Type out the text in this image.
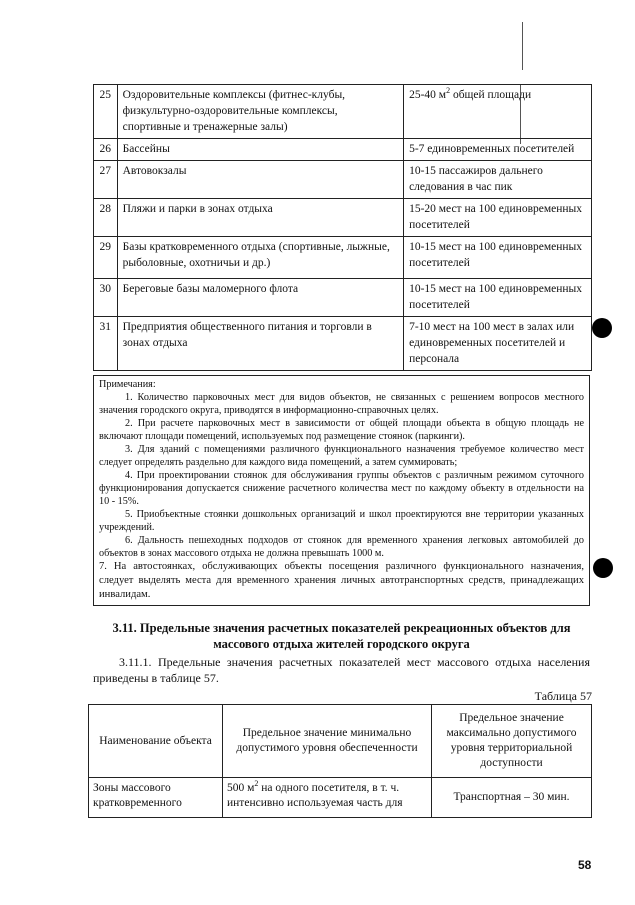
25	Оздоровительные комплексы (фитнес-клубы, физкультурно-оздоровительные комплексы, спортивные и тренажерные залы)	25-40 $м^2$ общей площади
26	Бассейны	5-7 единовременных посетителей
27	Автовокзалы	10-15 пассажиров дальнего следования в час пик
28	Пляжи и парки в зонах отдыха	15-20 мест на 100 единовременных посетителей
29	Базы кратковременного отдыха (спортивные, лыжные, рыболовные, охотничьи и др.)	10-15 мест на 100 единовременных посетителей
30	Береговые базы маломерного флота	10-15 мест на 100 единовременных посетителей
31	Предприятия общественного питания и торговли в зонах отдыха	7-10 мест на 100 мест в залах или единовременных посетителей и персонала

Примечания:

1. Количество парковочных мест для видов объектов, не связанных с решением вопросов местного значения городского округа, приводятся в информационно-справочных целях.

2. При расчете парковочных мест в зависимости от общей площади объекта в общую площадь не включают площади помещений, используемых под размещение стоянок (паркинги).

3. Для зданий с помещениями различного функционального назначения требуемое количество мест следует определять раздельно для каждого вида помещений, а затем суммировать;

4. При проектировании стоянок для обслуживания группы объектов с различным режимом суточного функционирования допускается снижение расчетного количества мест по каждому объекту в отдельности на 10 - 15%.

5. Приобъектные стоянки дошкольных организаций и школ проектируются вне территории указанных учреждений.

6. Дальность пешеходных подходов от стоянок для временного хранения легковых автомобилей до объектов в зонах массового отдыха не должна превышать 1000 м.

7. На автостоянках, обслуживающих объекты посещения различного функционального назначения, следует выделять места для временного хранения личных автотранспортных средств, принадлежащих инвалидам.

3.11. Предельные значения расчетных показателей рекреационных объектов для
массового отдыха жителей городского округа

3.11.1. Предельные значения расчетных показателей мест массового отдыха населения приведены в таблице 57.

Таблица 57
Наименование объекта	Предельное значение минимально допустимого уровня обеспеченности	Предельное значение максимально допустимого уровня территориальной доступности
Зоны массового кратковременного	500 $м^2$ на одного посетителя, в т. ч. интенсивно используемая часть для	Транспортная – 30 мин.
58
